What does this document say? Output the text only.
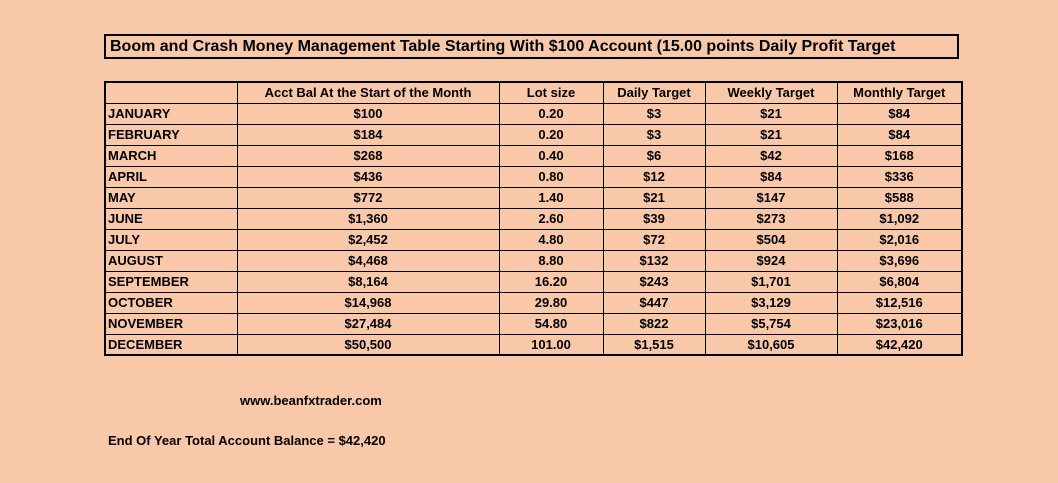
Boom and Crash Money Management Table Starting With $100 Account (15.00 points Daily Profit Target
	Acct Bal At the Start of the Month	Lot size	Daily Target	Weekly Target	Monthly Target
JANUARY	$100	0.20	$3	$21	$84
FEBRUARY	$184	0.20	$3	$21	$84
MARCH	$268	0.40	$6	$42	$168
APRIL	$436	0.80	$12	$84	$336
MAY	$772	1.40	$21	$147	$588
JUNE	$1,360	2.60	$39	$273	$1,092
JULY	$2,452	4.80	$72	$504	$2,016
AUGUST	$4,468	8.80	$132	$924	$3,696
SEPTEMBER	$8,164	16.20	$243	$1,701	$6,804
OCTOBER	$14,968	29.80	$447	$3,129	$12,516
NOVEMBER	$27,484	54.80	$822	$5,754	$23,016
DECEMBER	$50,500	101.00	$1,515	$10,605	$42,420
www.beanfxtrader.com
End Of Year Total Account Balance = $42,420
